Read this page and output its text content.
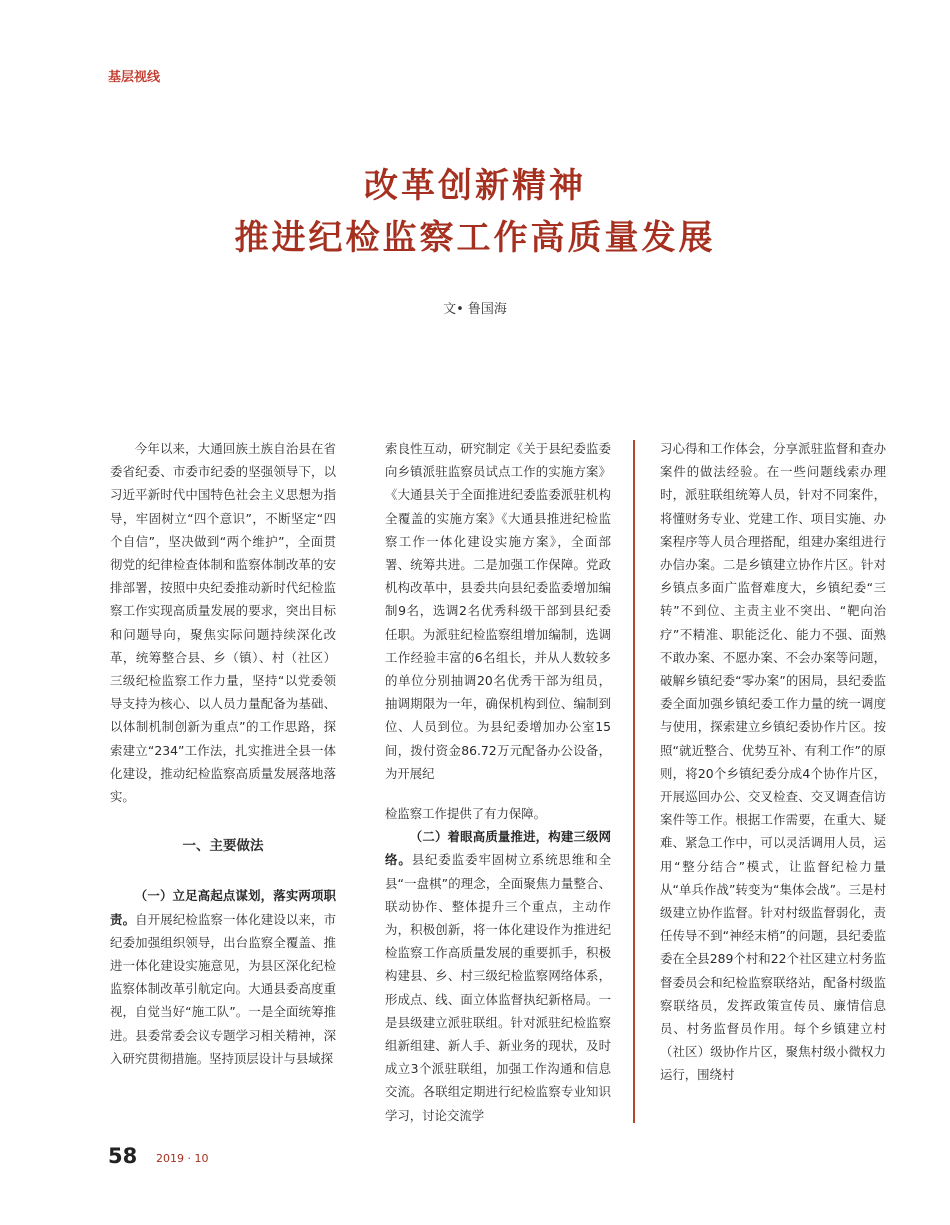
基层视线
改革创新精神
推进纪检监察工作高质量发展
文• 鲁国海

今年以来，大通回族土族自治县在省委省纪委、市委市纪委的坚强领导下，以习近平新时代中国特色社会主义思想为指导，牢固树立“四个意识”，不断坚定“四个自信”，坚决做到“两个维护”，全面贯彻党的纪律检查体制和监察体制改革的安排部署，按照中央纪委推动新时代纪检监察工作实现高质量发展的要求，突出目标和问题导向，聚焦实际问题持续深化改革，统筹整合县、乡（镇）、村（社区）三级纪检监察工作力量，坚持“以党委领导支持为核心、以人员力量配备为基础、以体制机制创新为重点”的工作思路，探索建立“234”工作法，扎实推进全县一体化建设，推动纪检监察高质量发展落地落实。

一、主要做法

（一）立足高起点谋划，落实两项职责。自开展纪检监察一体化建设以来，市纪委加强组织领导，出台监察全覆盖、推进一体化建设实施意见，为县区深化纪检监察体制改革引航定向。大通县委高度重视，自觉当好“施工队”。一是全面统筹推进。县委常委会议专题学习相关精神，深入研究贯彻措施。坚持顶层设计与县域探

索良性互动，研究制定《关于县纪委监委向乡镇派驻监察员试点工作的实施方案》《大通县关于全面推进纪委监委派驻机构全覆盖的实施方案》《大通县推进纪检监察工作一体化建设实施方案》，全面部署、统筹共进。二是加强工作保障。党政机构改革中，县委共向县纪委监委增加编制9名，选调2名优秀科级干部到县纪委任职。为派驻纪检监察组增加编制，选调工作经验丰富的6名组长，并从人数较多的单位分别抽调20名优秀干部为组员，抽调期限为一年，确保机构到位、编制到位、人员到位。为县纪委增加办公室15间，拨付资金86.72万元配备办公设备，为开展纪

检监察工作提供了有力保障。

（二）着眼高质量推进，构建三级网络。县纪委监委牢固树立系统思维和全县“一盘棋”的理念，全面聚焦力量整合、联动协作、整体提升三个重点，主动作为，积极创新，将一体化建设作为推进纪检监察工作高质量发展的重要抓手，积极构建县、乡、村三级纪检监察网络体系，形成点、线、面立体监督执纪新格局。一是县级建立派驻联组。针对派驻纪检监察组新组建、新人手、新业务的现状，及时成立3个派驻联组，加强工作沟通和信息交流。各联组定期进行纪检监察专业知识学习，讨论交流学

习心得和工作体会，分享派驻监督和查办案件的做法经验。在一些问题线索办理时，派驻联组统筹人员，针对不同案件，将懂财务专业、党建工作、项目实施、办案程序等人员合理搭配，组建办案组进行办信办案。二是乡镇建立协作片区。针对乡镇点多面广监督难度大，乡镇纪委“三转”不到位、主责主业不突出、“靶向治疗”不精准、职能泛化、能力不强、面熟不敢办案、不愿办案、不会办案等问题，破解乡镇纪委“零办案”的困局，县纪委监委全面加强乡镇纪委工作力量的统一调度与使用，探索建立乡镇纪委协作片区。按照“就近整合、优势互补、有利工作”的原则，将20个乡镇纪委分成4个协作片区，开展巡回办公、交叉检查、交叉调查信访案件等工作。根据工作需要，在重大、疑难、紧急工作中，可以灵活调用人员，运用“整分结合”模式，让监督纪检力量从“单兵作战”转变为“集体会战”。三是村级建立协作监督。针对村级监督弱化，责任传导不到“神经末梢”的问题，县纪委监委在全县289个村和22个社区建立村务监督委员会和纪检监察联络站，配备村级监察联络员，发挥政策宣传员、廉情信息员、村务监督员作用。每个乡镇建立村（社区）级协作片区，聚焦村级小微权力运行，围绕村

58 2019 · 10
